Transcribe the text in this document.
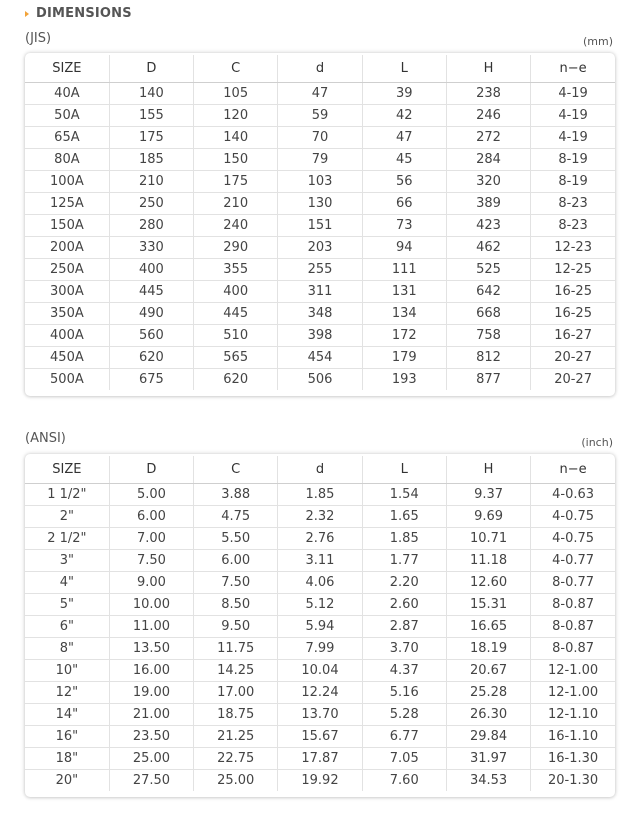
DIMENSIONS
(JIS)	(mm)
SIZE	D	C	d	L	H	n−e
40A	140	105	47	39	238	4-19
50A	155	120	59	42	246	4-19
65A	175	140	70	47	272	4-19
80A	185	150	79	45	284	8-19
100A	210	175	103	56	320	8-19
125A	250	210	130	66	389	8-23
150A	280	240	151	73	423	8-23
200A	330	290	203	94	462	12-23
250A	400	355	255	111	525	12-25
300A	445	400	311	131	642	16-25
350A	490	445	348	134	668	16-25
400A	560	510	398	172	758	16-27
450A	620	565	454	179	812	20-27
500A	675	620	506	193	877	20-27
(ANSI)	(inch)
SIZE	D	C	d	L	H	n−e
1 1/2"	5.00	3.88	1.85	1.54	9.37	4-0.63
2"	6.00	4.75	2.32	1.65	9.69	4-0.75
2 1/2"	7.00	5.50	2.76	1.85	10.71	4-0.75
3"	7.50	6.00	3.11	1.77	11.18	4-0.77
4"	9.00	7.50	4.06	2.20	12.60	8-0.77
5"	10.00	8.50	5.12	2.60	15.31	8-0.87
6"	11.00	9.50	5.94	2.87	16.65	8-0.87
8"	13.50	11.75	7.99	3.70	18.19	8-0.87
10"	16.00	14.25	10.04	4.37	20.67	12-1.00
12"	19.00	17.00	12.24	5.16	25.28	12-1.00
14"	21.00	18.75	13.70	5.28	26.30	12-1.10
16"	23.50	21.25	15.67	6.77	29.84	16-1.10
18"	25.00	22.75	17.87	7.05	31.97	16-1.30
20"	27.50	25.00	19.92	7.60	34.53	20-1.30
